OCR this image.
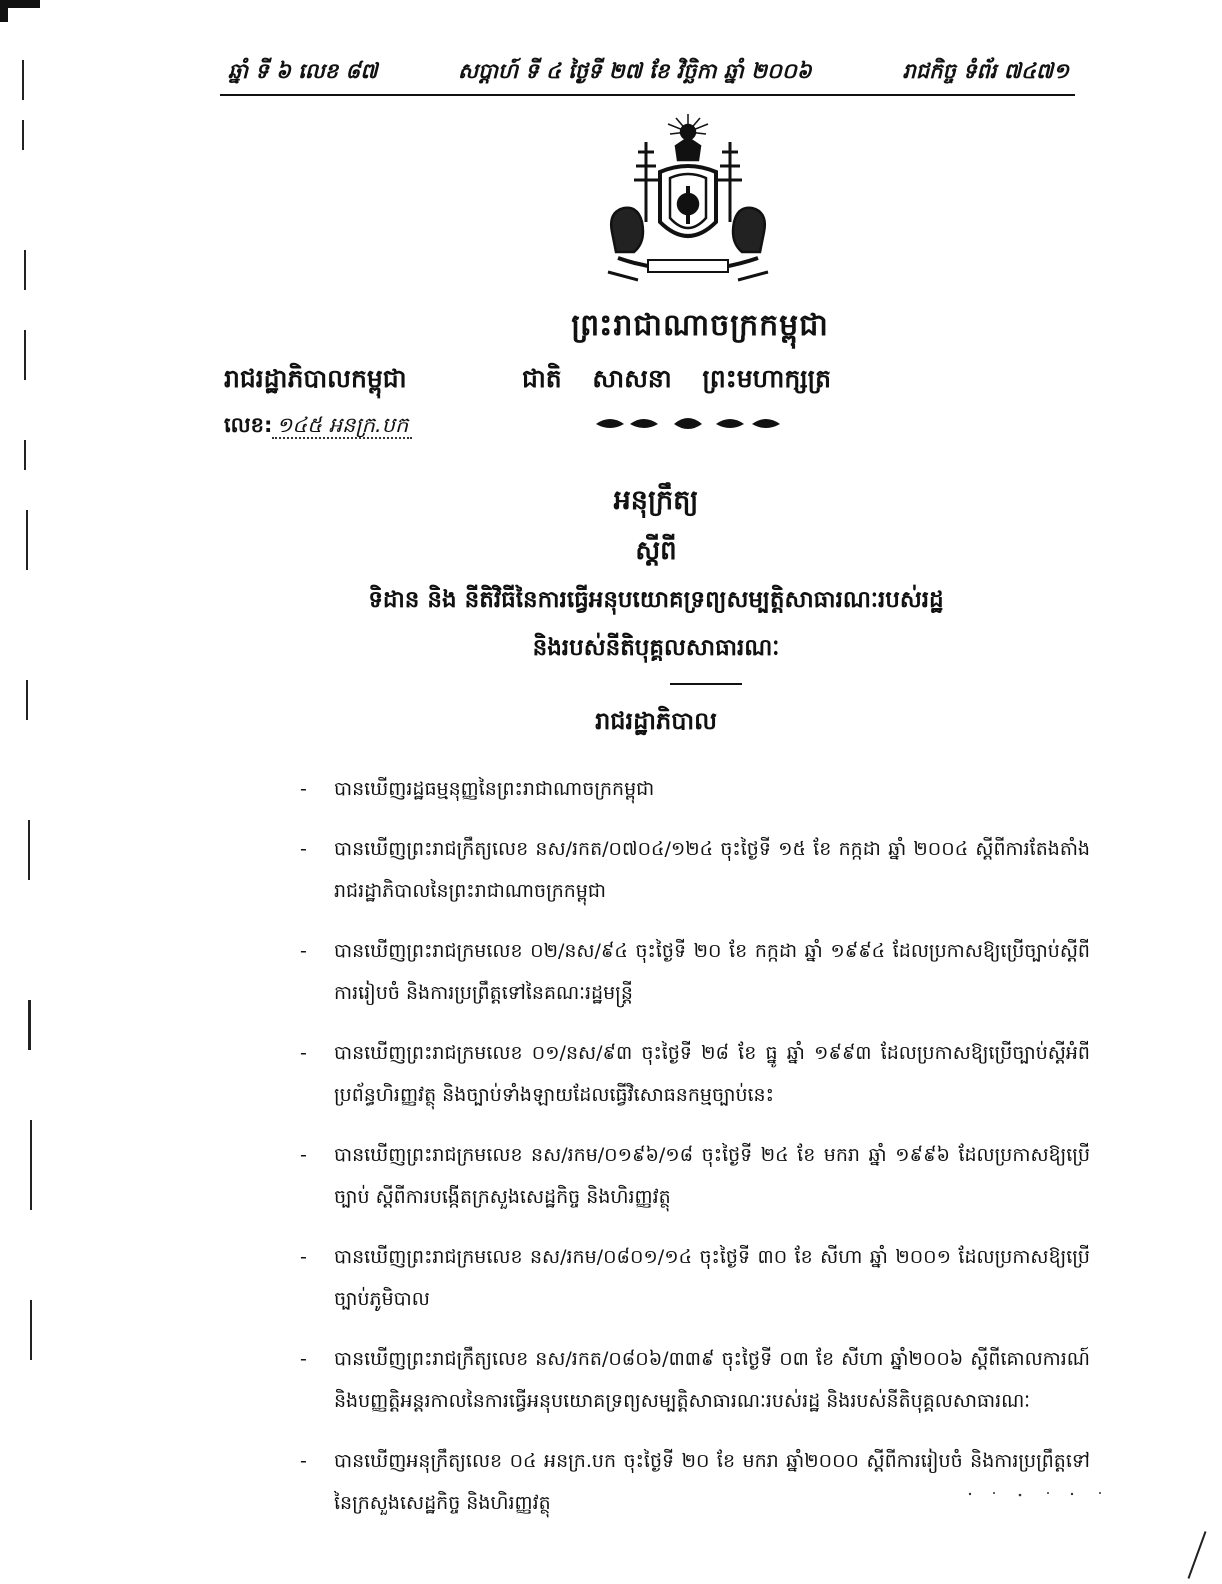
ឆ្នាំ ទី ៦ លេខ ៨៧	សប្តាហ៍ ទី ៤ ថ្ងៃទី ២៧ ខែ វិច្ឆិកា ឆ្នាំ ២០០៦	រាជកិច្ច ទំព័រ ៧៤៧១
ព្រះរាជាណាចក្រកម្ពុជា
រាជរដ្ឋាភិបាលកម្ពុជា	ជាតិ សាសនា ព្រះមហាក្សត្រ
លេខ: ១៤៥ អនក្រ.បក
អនុក្រឹត្យ
ស្តីពី
ទិដាន និង នីតិវិធីនៃការធ្វើអនុបយោគទ្រព្យសម្បត្តិសាធារណៈរបស់រដ្ឋ
និងរបស់នីតិបុគ្គលសាធារណៈ
រាជរដ្ឋាភិបាល
- បានឃើញរដ្ឋធម្មនុញ្ញនៃព្រះរាជាណាចក្រកម្ពុជា
- បានឃើញព្រះរាជក្រឹត្យលេខ នស/រកត/០៧០៤/១២៤ ចុះថ្ងៃទី ១៥ ខែ កក្កដា ឆ្នាំ ២០០៤ ស្តីពីការតែងតាំងរាជរដ្ឋាភិបាលនៃព្រះរាជាណាចក្រកម្ពុជា
- បានឃើញព្រះរាជក្រមលេខ ០២/នស/៩៤ ចុះថ្ងៃទី ២០ ខែ កក្កដា ឆ្នាំ ១៩៩៤ ដែលប្រកាសឱ្យប្រើច្បាប់ស្តីពីការរៀបចំ និងការប្រព្រឹត្តទៅនៃគណៈរដ្ឋមន្ត្រី
- បានឃើញព្រះរាជក្រមលេខ ០១/នស/៩៣ ចុះថ្ងៃទី ២៨ ខែ ធ្នូ ឆ្នាំ ១៩៩៣ ដែលប្រកាសឱ្យប្រើច្បាប់ស្តីអំពីប្រព័ន្ធហិរញ្ញវត្ថុ និងច្បាប់ទាំងឡាយដែលធ្វើវិសោធនកម្មច្បាប់នេះ
- បានឃើញព្រះរាជក្រមលេខ នស/រកម/០១៩៦/១៨ ចុះថ្ងៃទី ២៤ ខែ មករា ឆ្នាំ ១៩៩៦ ដែលប្រកាសឱ្យប្រើច្បាប់ ស្តីពីការបង្កើតក្រសួងសេដ្ឋកិច្ច និងហិរញ្ញវត្ថុ
- បានឃើញព្រះរាជក្រមលេខ នស/រកម/០៨០១/១៤ ចុះថ្ងៃទី ៣០ ខែ សីហា ឆ្នាំ ២០០១ ដែលប្រកាសឱ្យប្រើច្បាប់ភូមិបាល
- បានឃើញព្រះរាជក្រឹត្យលេខ នស/រកត/០៨០៦/៣៣៩ ចុះថ្ងៃទី ០៣ ខែ សីហា ឆ្នាំ២០០៦ ស្តីពីគោលការណ៍ និងបញ្ញត្តិអន្តរកាលនៃការធ្វើអនុបយោគទ្រព្យសម្បត្តិសាធារណៈរបស់រដ្ឋ និងរបស់នីតិបុគ្គលសាធារណៈ
- បានឃើញអនុក្រឹត្យលេខ ០៤ អនក្រ.បក ចុះថ្ងៃទី ២០ ខែ មករា ឆ្នាំ២០០០ ស្តីពីការរៀបចំ និងការប្រព្រឹត្តទៅនៃក្រសួងសេដ្ឋកិច្ច និងហិរញ្ញវត្ថុ
